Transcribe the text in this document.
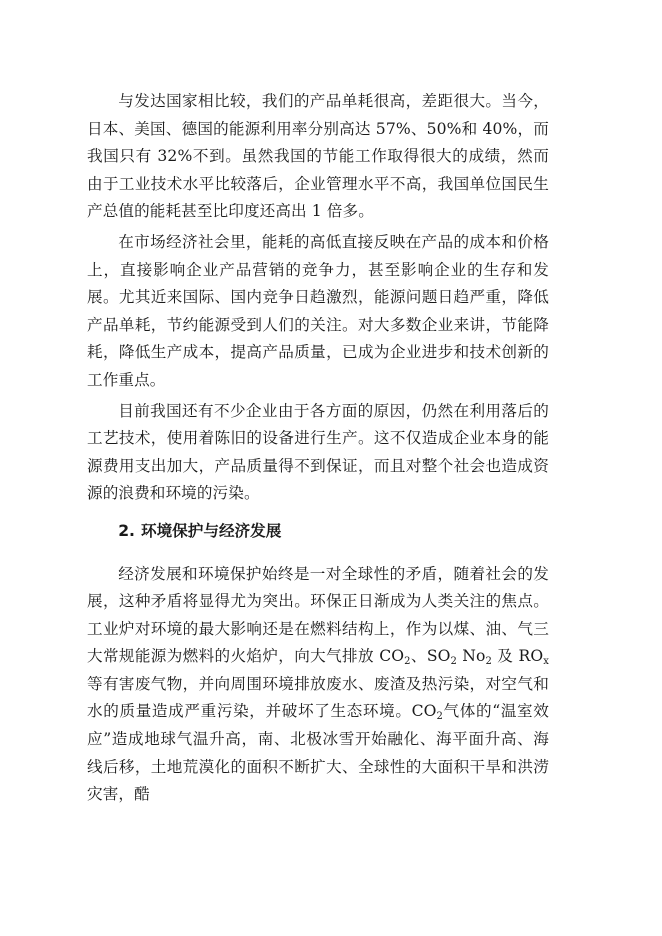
与发达国家相比较，我们的产品单耗很高，差距很大。当今，日本、美国、德国的能源利用率分别高达 57%、50%和 40%，而我国只有 32%不到。虽然我国的节能工作取得很大的成绩，然而由于工业技术水平比较落后，企业管理水平不高，我国单位国民生产总值的能耗甚至比印度还高出 1 倍多。

在市场经济社会里，能耗的高低直接反映在产品的成本和价格上，直接影响企业产品营销的竞争力，甚至影响企业的生存和发展。尤其近来国际、国内竞争日趋激烈，能源问题日趋严重，降低产品单耗，节约能源受到人们的关注。对大多数企业来讲，节能降耗，降低生产成本，提高产品质量，已成为企业进步和技术创新的工作重点。

目前我国还有不少企业由于各方面的原因，仍然在利用落后的工艺技术，使用着陈旧的设备进行生产。这不仅造成企业本身的能源费用支出加大，产品质量得不到保证，而且对整个社会也造成资源的浪费和环境的污染。

2. 环境保护与经济发展

经济发展和环境保护始终是一对全球性的矛盾，随着社会的发展，这种矛盾将显得尤为突出。环保正日渐成为人类关注的焦点。工业炉对环境的最大影响还是在燃料结构上，作为以煤、油、气三大常规能源为燃料的火焰炉，向大气排放 $CO_2$、$SO_2$ $No_2$ 及 $RO_x$ 等有害废气物，并向周围环境排放废水、废渣及热污染，对空气和水的质量造成严重污染，并破坏了生态环境。$CO_2$气体的“温室效应”造成地球气温升高，南、北极冰雪开始融化、海平面升高、海线后移，土地荒漠化的面积不断扩大、全球性的大面积干旱和洪涝灾害，酷
